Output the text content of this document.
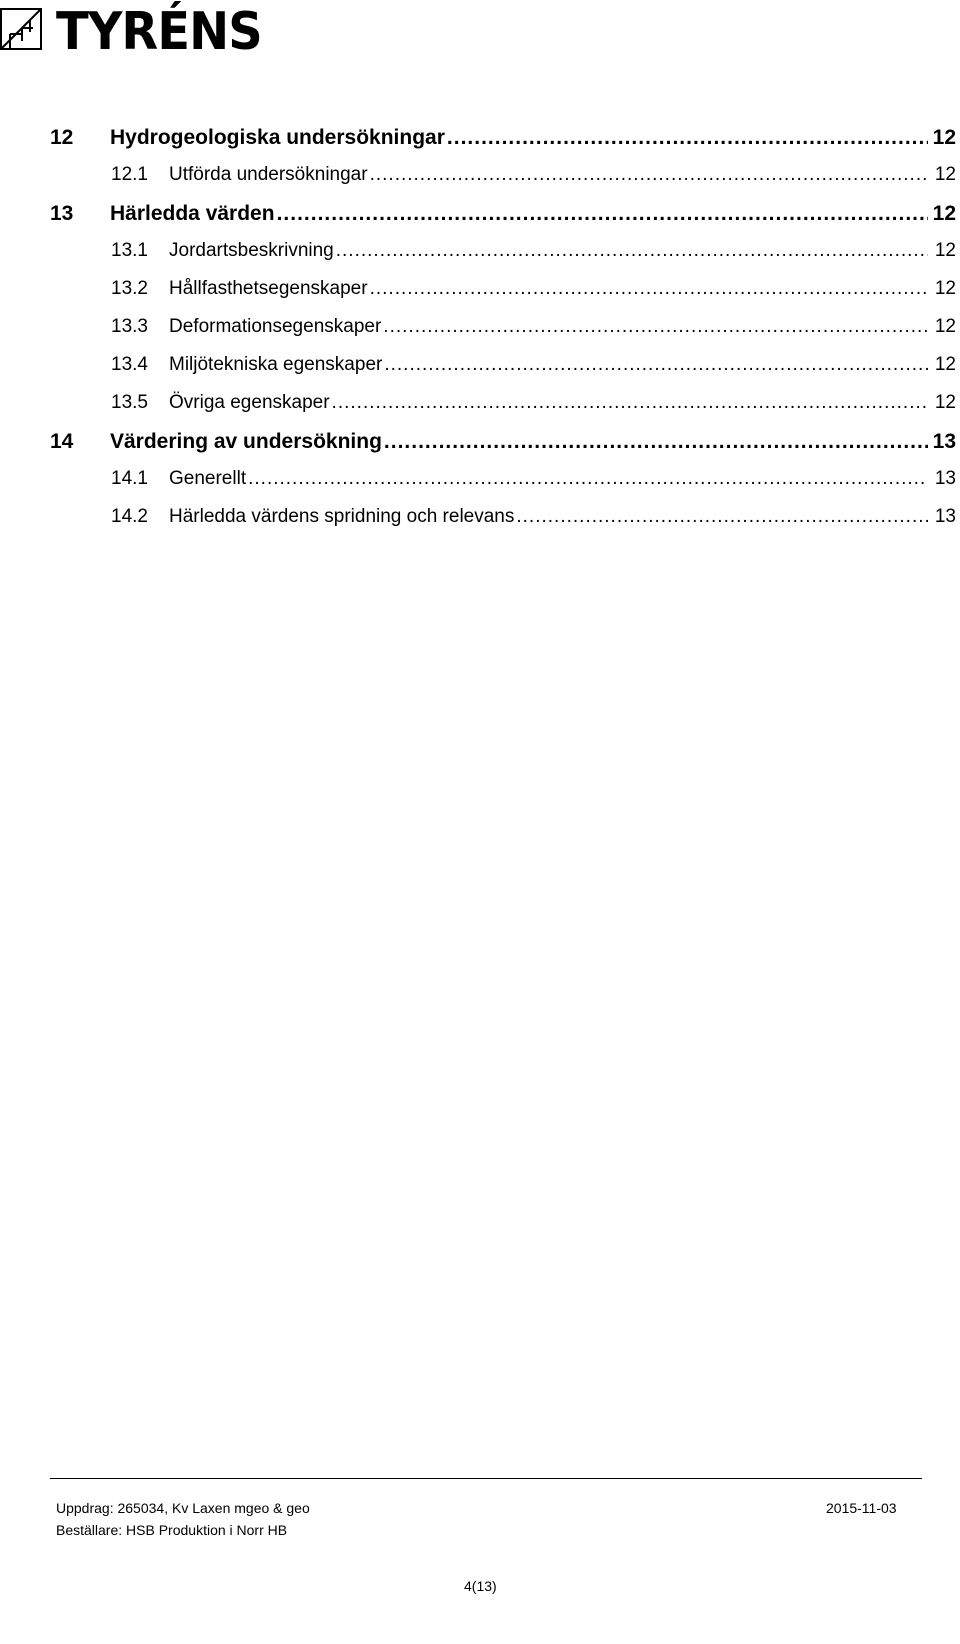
TYRÉNS
12	Hydrogeologiska undersökningar .....	12
12.1	Utförda undersökningar .....	12
13	Härledda värden .....	12
13.1	Jordartsbeskrivning .....	12
13.2	Hållfasthetsegenskaper .....	12
13.3	Deformationsegenskaper .....	12
13.4	Miljötekniska egenskaper .....	12
13.5	Övriga egenskaper .....	12
14	Värdering av undersökning .....	13
14.1	Generellt .....	13
14.2	Härledda värdens spridning och relevans .....	13
Uppdrag: 265034, Kv Laxen mgeo & geo	2015-11-03
Beställare: HSB Produktion i Norr HB
4(13)
